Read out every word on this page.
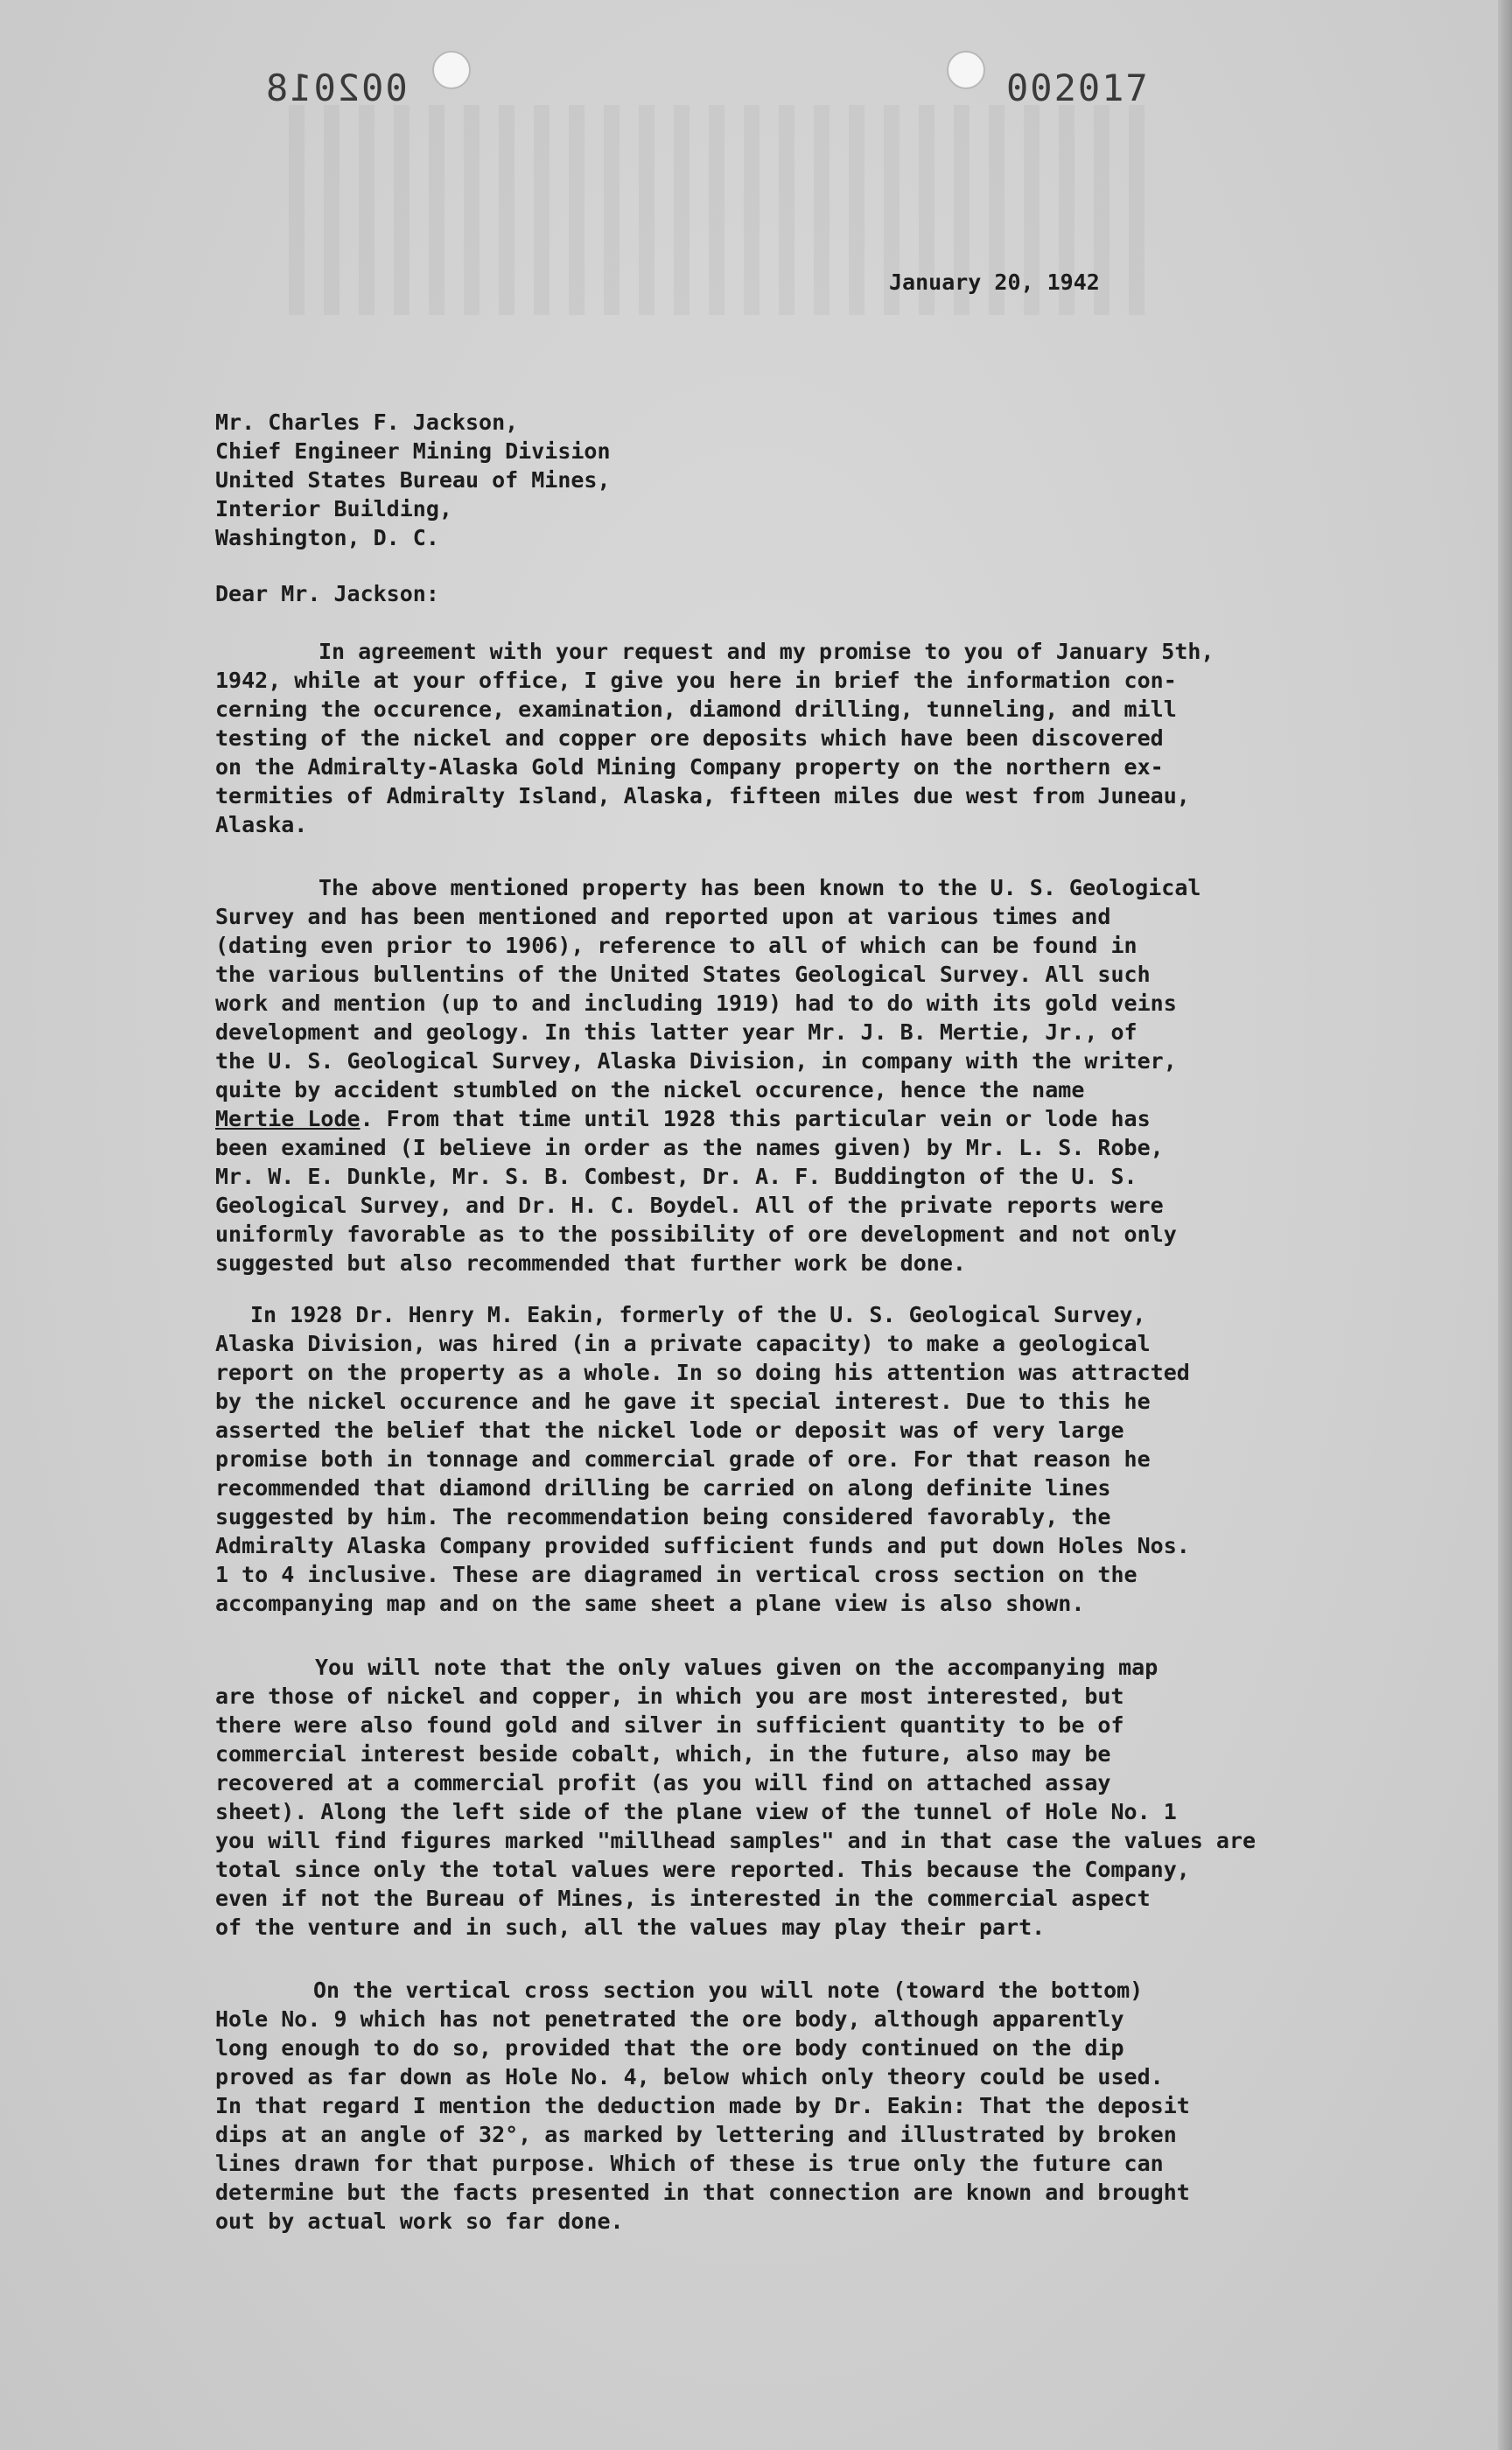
002018	002017
January 20, 1942
Mr. Charles F. Jackson,
Chief Engineer Mining Division
United States Bureau of Mines,
Interior Building,
Washington, D. C.
Dear Mr. Jackson:
In agreement with your request and my promise to you of January 5th,
1942, while at your office, I give you here in brief the information con-
cerning the occurence, examination, diamond drilling, tunneling, and mill
testing of the nickel and copper ore deposits which have been discovered
on the Admiralty-Alaska Gold Mining Company property on the northern ex-
termities of Admiralty Island, Alaska, fifteen miles due west from Juneau,
Alaska.
The above mentioned property has been known to the U. S. Geological
Survey and has been mentioned and reported upon at various times and
(dating even prior to 1906), reference to all of which can be found in
the various bullentins of the United States Geological Survey. All such
work and mention (up to and including 1919) had to do with its gold veins
development and geology. In this latter year Mr. J. B. Mertie, Jr., of
the U. S. Geological Survey, Alaska Division, in company with the writer,
quite by accident stumbled on the nickel occurence, hence the name
Mertie Lode. From that time until 1928 this particular vein or lode has
been examined (I believe in order as the names given) by Mr. L. S. Robe,
Mr. W. E. Dunkle, Mr. S. B. Combest, Dr. A. F. Buddington of the U. S.
Geological Survey, and Dr. H. C. Boydel. All of the private reports were
uniformly favorable as to the possibility of ore development and not only
suggested but also recommended that further work be done.
In 1928 Dr. Henry M. Eakin, formerly of the U. S. Geological Survey,
Alaska Division, was hired (in a private capacity) to make a geological
report on the property as a whole. In so doing his attention was attracted
by the nickel occurence and he gave it special interest. Due to this he
asserted the belief that the nickel lode or deposit was of very large
promise both in tonnage and commercial grade of ore. For that reason he
recommended that diamond drilling be carried on along definite lines
suggested by him. The recommendation being considered favorably, the
Admiralty Alaska Company provided sufficient funds and put down Holes Nos.
1 to 4 inclusive. These are diagramed in vertical cross section on the
accompanying map and on the same sheet a plane view is also shown.
You will note that the only values given on the accompanying map
are those of nickel and copper, in which you are most interested, but
there were also found gold and silver in sufficient quantity to be of
commercial interest beside cobalt, which, in the future, also may be
recovered at a commercial profit (as you will find on attached assay
sheet). Along the left side of the plane view of the tunnel of Hole No. 1
you will find figures marked "millhead samples" and in that case the values are
total since only the total values were reported. This because the Company,
even if not the Bureau of Mines, is interested in the commercial aspect
of the venture and in such, all the values may play their part.
On the vertical cross section you will note (toward the bottom)
Hole No. 9 which has not penetrated the ore body, although apparently
long enough to do so, provided that the ore body continued on the dip
proved as far down as Hole No. 4, below which only theory could be used.
In that regard I mention the deduction made by Dr. Eakin: That the deposit
dips at an angle of 32°, as marked by lettering and illustrated by broken
lines drawn for that purpose. Which of these is true only the future can
determine but the facts presented in that connection are known and brought
out by actual work so far done.
